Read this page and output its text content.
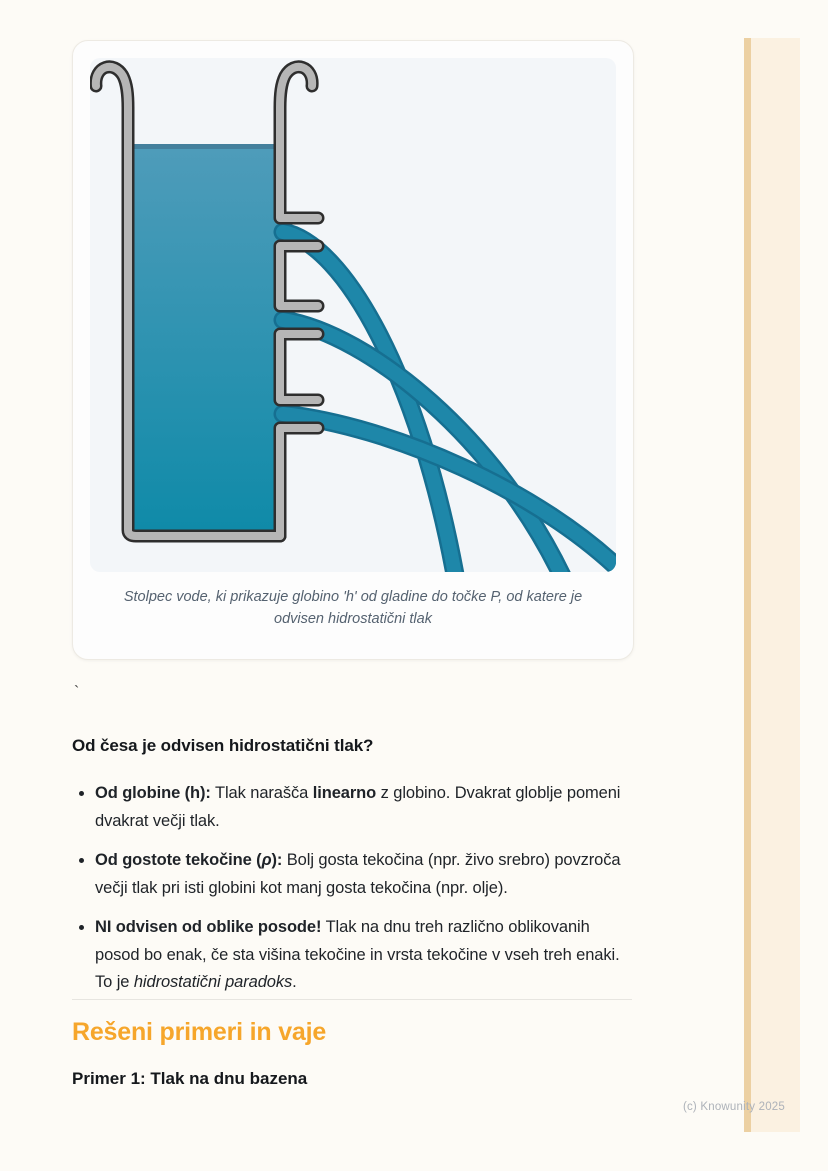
Stolpec vode, ki prikazuje globino 'h' od gladine do točke P, od katere je odvisen hidrostatični tlak
`
Od česa je odvisen hidrostatični tlak?
• Od globine (h): Tlak narašča linearno z globino. Dvakrat globlje pomeni dvakrat večji tlak.
• Od gostote tekočine (ρ): Bolj gosta tekočina (npr. živo srebro) povzroča večji tlak pri isti globini kot manj gosta tekočina (npr. olje).
• NI odvisen od oblike posode! Tlak na dnu treh različno oblikovanih posod bo enak, če sta višina tekočine in vrsta tekočine v vseh treh enaki. To je hidrostatični paradoks.
Rešeni primeri in vaje
Primer 1: Tlak na dnu bazena
(c) Knowunity 2025
